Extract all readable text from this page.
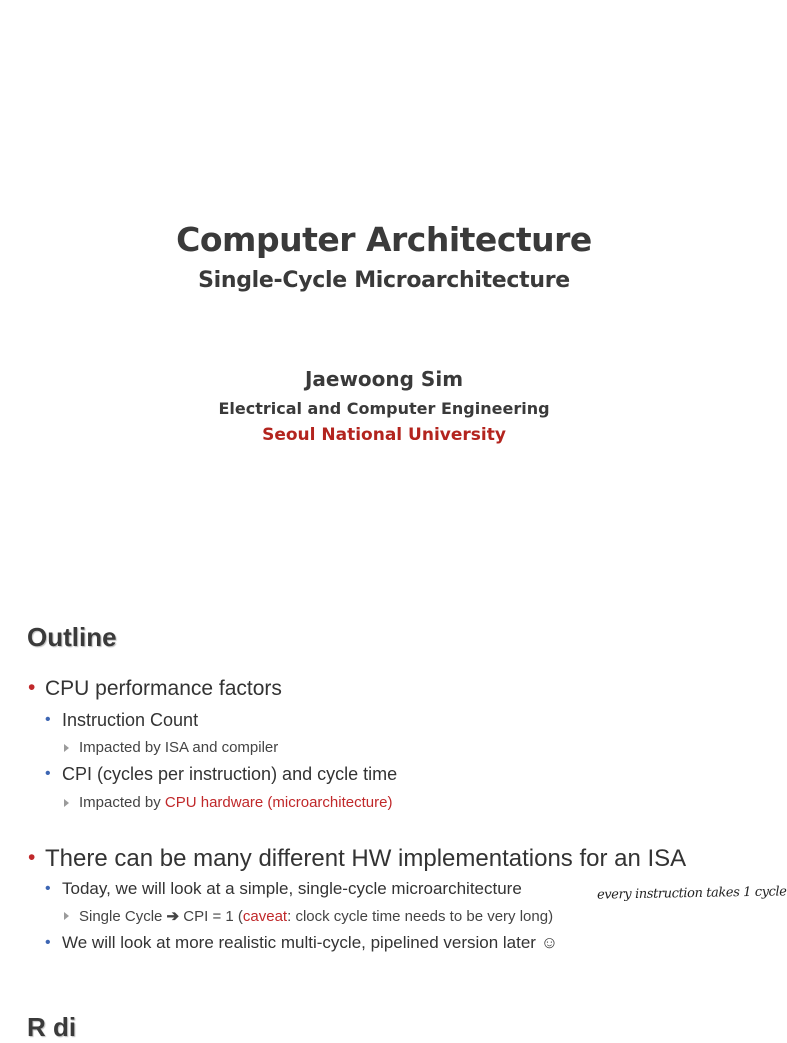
Computer Architecture
Single-Cycle Microarchitecture
Jaewoong Sim
Electrical and Computer Engineering
Seoul National University
Outline
• CPU performance factors
• Instruction Count
Impacted by ISA and compiler
• CPI (cycles per instruction) and cycle time
Impacted by CPU hardware (microarchitecture)
• There can be many different HW implementations for an ISA
• Today, we will look at a simple, single-cycle microarchitecture	every instruction takes 1 cycle
Single Cycle ➔ CPI = 1 (caveat: clock cycle time needs to be very long)
• We will look at more realistic multi-cycle, pipelined version later ☺
R di
